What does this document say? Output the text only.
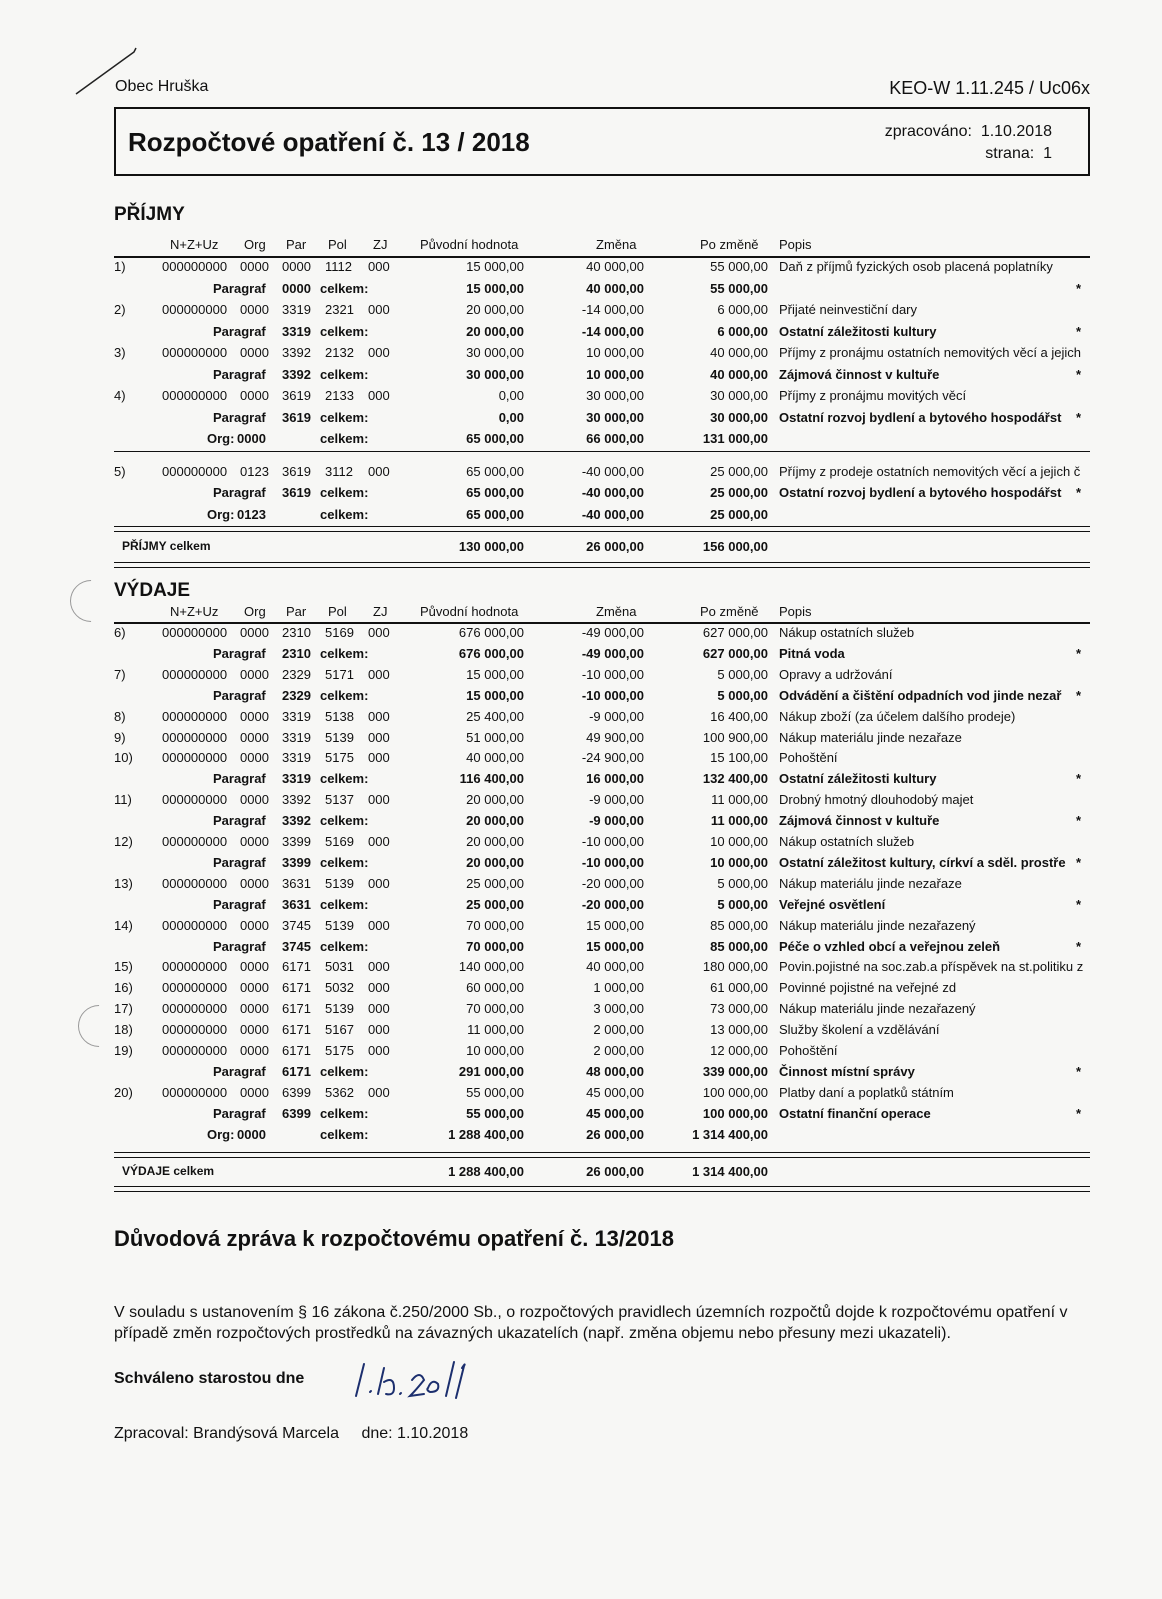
Obec Hruška	KEO-W 1.11.245 / Uc06x
Rozpočtové opatření č. 13 / 2018	zpracováno: 1.10.2018
strana: 1
PŘÍJMY
N+Z+Uz Org Par Pol ZJ	Původní hodnota	Změna	Po změně Popis
1)	000000000 0000 0000 1112 000	15 000,00	40 000,00	55 000,00 Daň z příjmů fyzických osob placená poplatníky
Paragraf 0000 celkem:	15 000,00	40 000,00	55 000,00	*
2)	000000000 0000 3319 2321 000	20 000,00	-14 000,00	6 000,00 Přijaté neinvestiční dary
Paragraf 3319 celkem:	20 000,00	-14 000,00	6 000,00 Ostatní záležitosti kultury	*
3)	000000000 0000 3392 2132 000	30 000,00	10 000,00	40 000,00 Příjmy z pronájmu ostatních nemovitých věcí a jejich
Paragraf 3392 celkem:	30 000,00	10 000,00	40 000,00 Zájmová činnost v kultuře	*
4)	000000000 0000 3619 2133 000	0,00	30 000,00	30 000,00 Příjmy z pronájmu movitých věcí
Paragraf 3619 celkem:	0,00	30 000,00	30 000,00 Ostatní rozvoj bydlení a bytového hospodářst *
Org: 0000	celkem:	65 000,00	66 000,00	131 000,00
5)	000000000 0123 3619 3112 000	65 000,00	-40 000,00	25 000,00 Příjmy z prodeje ostatních nemovitých věcí a jejich č
Paragraf 3619 celkem:	65 000,00	-40 000,00	25 000,00 Ostatní rozvoj bydlení a bytového hospodářst *
Org: 0123	celkem:	65 000,00	-40 000,00	25 000,00
PŘÍJMY celkem	130 000,00	26 000,00	156 000,00
VÝDAJE
N+Z+Uz Org Par Pol ZJ	Původní hodnota	Změna	Po změně Popis
6)	000000000 0000 2310 5169 000	676 000,00	-49 000,00	627 000,00 Nákup ostatních služeb
Paragraf 2310 celkem:	676 000,00	-49 000,00	627 000,00 Pitná voda	*
7)	000000000 0000 2329 5171 000	15 000,00	-10 000,00	5 000,00 Opravy a udržování
Paragraf 2329 celkem:	15 000,00	-10 000,00	5 000,00 Odvádění a čištění odpadních vod jinde nezař *
8)	000000000 0000 3319 5138 000	25 400,00	-9 000,00	16 400,00 Nákup zboží (za účelem dalšího prodeje)
9)	000000000 0000 3319 5139 000	51 000,00	49 900,00	100 900,00 Nákup materiálu jinde nezařaze
10) 000000000 0000 3319 5175 000	40 000,00	-24 900,00	15 100,00 Pohoštění
Paragraf 3319 celkem:	116 400,00	16 000,00	132 400,00 Ostatní záležitosti kultury	*
11) 000000000 0000 3392 5137 000	20 000,00	-9 000,00	11 000,00 Drobný hmotný dlouhodobý majet
Paragraf 3392 celkem:	20 000,00	-9 000,00	11 000,00 Zájmová činnost v kultuře	*
12) 000000000 0000 3399 5169 000	20 000,00	-10 000,00	10 000,00 Nákup ostatních služeb
Paragraf 3399 celkem:	20 000,00	-10 000,00	10 000,00 Ostatní záležitost kultury, církví a sděl. prostře *
13) 000000000 0000 3631 5139 000	25 000,00	-20 000,00	5 000,00 Nákup materiálu jinde nezařaze
Paragraf 3631 celkem:	25 000,00	-20 000,00	5 000,00 Veřejné osvětlení	*
14) 000000000 0000 3745 5139 000	70 000,00	15 000,00	85 000,00 Nákup materiálu jinde nezařazený
Paragraf 3745 celkem:	70 000,00	15 000,00	85 000,00 Péče o vzhled obcí a veřejnou zeleň	*
15) 000000000 0000 6171 5031 000	140 000,00	40 000,00	180 000,00 Povin.pojistné na soc.zab.a příspěvek na st.politiku z
16) 000000000 0000 6171 5032 000	60 000,00	1 000,00	61 000,00 Povinné pojistné na veřejné zd
17) 000000000 0000 6171 5139 000	70 000,00	3 000,00	73 000,00 Nákup materiálu jinde nezařazený
18) 000000000 0000 6171 5167 000	11 000,00	2 000,00	13 000,00 Služby školení a vzdělávání
19) 000000000 0000 6171 5175 000	10 000,00	2 000,00	12 000,00 Pohoštění
Paragraf 6171 celkem:	291 000,00	48 000,00	339 000,00 Činnost místní správy	*
20) 000000000 0000 6399 5362 000	55 000,00	45 000,00	100 000,00 Platby daní a poplatků státním
Paragraf 6399 celkem:	55 000,00	45 000,00	100 000,00 Ostatní finanční operace	*
Org: 0000	celkem:	1 288 400,00	26 000,00	1 314 400,00
VÝDAJE celkem	1 288 400,00	26 000,00	1 314 400,00
Důvodová zpráva k rozpočtovému opatření č. 13/2018
V souladu s ustanovením § 16 zákona č.250/2000 Sb., o rozpočtových pravidlech územních rozpočtů dojde k rozpočtovému opatření v případě změn rozpočtových prostředků na závazných ukazatelích (např. změna objemu nebo přesuny mezi ukazateli).
Schváleno starostou dne
Zpracoval: Brandýsová Marcela dne: 1.10.2018
